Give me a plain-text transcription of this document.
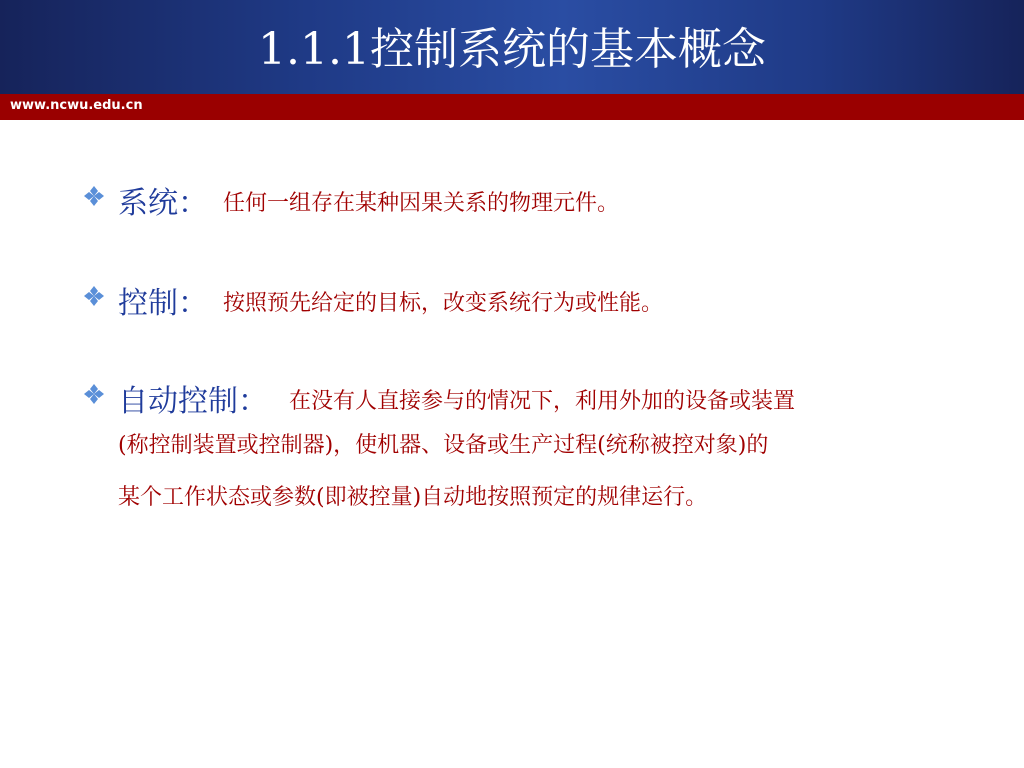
1.1.1控制系统的基本概念
www.ncwu.edu.cn
系统： 任何一组存在某种因果关系的物理元件。
控制： 按照预先给定的目标，改变系统行为或性能。
自动控制： 在没有人直接参与的情况下，利用外加的设备或装置
(称控制装置或控制器)，使机器、设备或生产过程(统称被控对象)的
某个工作状态或参数(即被控量)自动地按照预定的规律运行。
